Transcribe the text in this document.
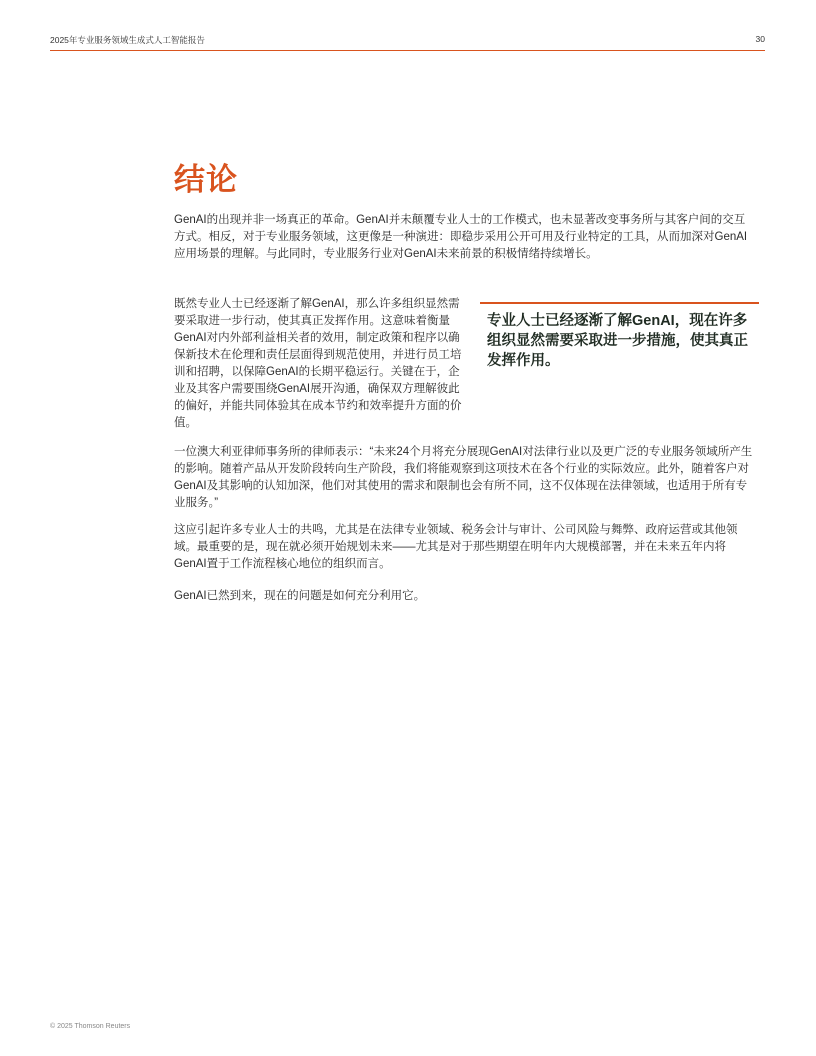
2025年专业服务领域生成式人工智能报告	30
结论

GenAI的出现并非一场真正的革命。GenAI并未颠覆专业人士的工作模式，也未显著改变事务所与其客户间的交互方式。相反，对于专业服务领域，这更像是一种演进：即稳步采用公开可用及行业特定的工具，从而加深对GenAI应用场景的理解。与此同时，专业服务行业对GenAI未来前景的积极情绪持续增长。

既然专业人士已经逐渐了解GenAI，那么许多组织显然需要采取进一步行动，使其真正发挥作用。这意味着衡量GenAI对内外部利益相关者的效用，制定政策和程序以确保新技术在伦理和责任层面得到规范使用，并进行员工培训和招聘，以保障GenAI的长期平稳运行。关键在于，企业及其客户需要围绕GenAI展开沟通，确保双方理解彼此的偏好，并能共同体验其在成本节约和效率提升方面的价值。

专业人士已经逐渐了解GenAI，现在许多组织显然需要采取进一步措施，使其真正发挥作用。

一位澳大利亚律师事务所的律师表示：“未来24个月将充分展现GenAI对法律行业以及更广泛的专业服务领域所产生的影响。随着产品从开发阶段转向生产阶段，我们将能观察到这项技术在各个行业的实际效应。此外，随着客户对GenAI及其影响的认知加深，他们对其使用的需求和限制也会有所不同，这不仅体现在法律领域，也适用于所有专业服务。”

这应引起许多专业人士的共鸣，尤其是在法律专业领域、税务会计与审计、公司风险与舞弊、政府运营或其他领域。最重要的是，现在就必须开始规划未来——尤其是对于那些期望在明年内大规模部署，并在未来五年内将GenAI置于工作流程核心地位的组织而言。

GenAI已然到来，现在的问题是如何充分利用它。

© 2025 Thomson Reuters
